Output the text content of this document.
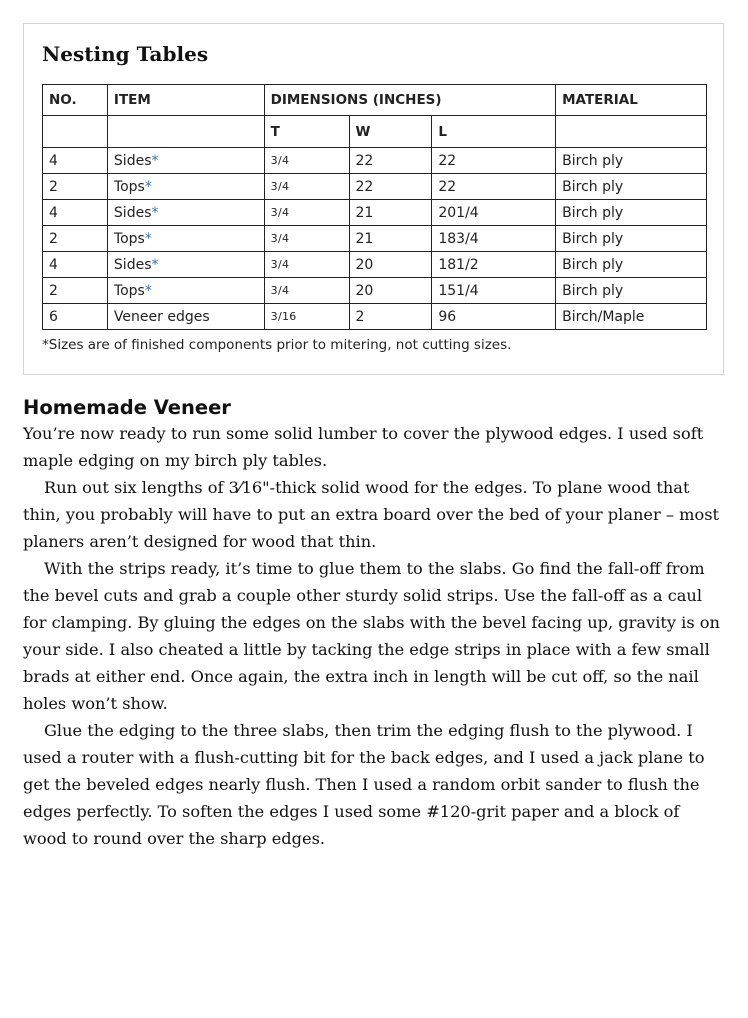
Nesting Tables
NO.	ITEM	DIMENSIONS (INCHES)			MATERIAL
		T	W	L	
4	Sides*	3/4	22	22	Birch ply
2	Tops*	3/4	22	22	Birch ply
4	Sides*	3/4	21	201/4	Birch ply
2	Tops*	3/4	21	183/4	Birch ply
4	Sides*	3/4	20	181/2	Birch ply
2	Tops*	3/4	20	151/4	Birch ply
6	Veneer edges	3/16	2	96	Birch/Maple

*Sizes are of finished components prior to mitering, not cutting sizes.

Homemade Veneer

You’re now ready to run some solid lumber to cover the plywood edges. I used soft maple edging on my birch ply tables.

Run out six lengths of 3⁄16"-thick solid wood for the edges. To plane wood that thin, you probably will have to put an extra board over the bed of your planer – most planers aren’t designed for wood that thin.

With the strips ready, it’s time to glue them to the slabs. Go find the fall-off from the bevel cuts and grab a couple other sturdy solid strips. Use the fall-off as a caul for clamping. By gluing the edges on the slabs with the bevel facing up, gravity is on your side. I also cheated a little by tacking the edge strips in place with a few small brads at either end. Once again, the extra inch in length will be cut off, so the nail holes won’t show.

Glue the edging to the three slabs, then trim the edging flush to the plywood. I used a router with a flush-cutting bit for the back edges, and I used a jack plane to get the beveled edges nearly flush. Then I used a random orbit sander to flush the edges perfectly. To soften the edges I used some #120-grit paper and a block of wood to round over the sharp edges.
